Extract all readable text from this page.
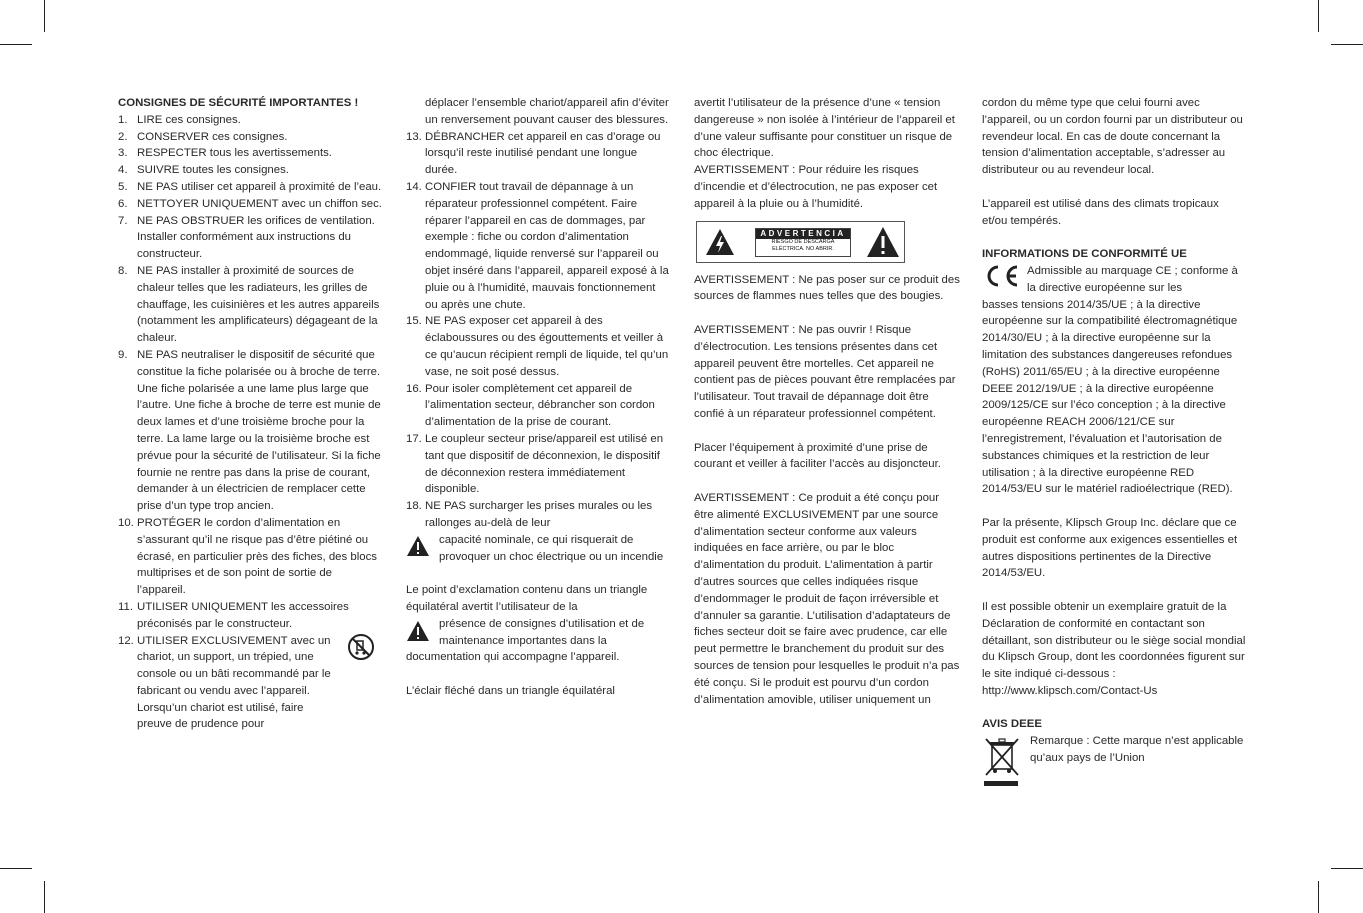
CONSIGNES DE SÉCURITÉ IMPORTANTES !

1. LIRE ces consignes.
2. CONSERVER ces consignes.
3. RESPECTER tous les avertissements.
4. SUIVRE toutes les consignes.
5. NE PAS utiliser cet appareil à proximité de l’eau.
6. NETTOYER UNIQUEMENT avec un chiffon sec.
7. NE PAS OBSTRUER les orifices de ventilation. Installer conformément aux instructions du constructeur.
8. NE PAS installer à proximité de sources de chaleur telles que les radiateurs, les grilles de chauffage, les cuisinières et les autres appareils (notamment les amplificateurs) dégageant de la chaleur.
9. NE PAS neutraliser le dispositif de sécurité que constitue la fiche polarisée ou à broche de terre. Une fiche polarisée a une lame plus large que l’autre. Une fiche à broche de terre est munie de deux lames et d’une troisième broche pour la terre. La lame large ou la troisième broche est prévue pour la sécurité de l’utilisateur. Si la fiche fournie ne rentre pas dans la prise de courant, demander à un électricien de remplacer cette prise d’un type trop ancien.
10. PROTÉGER le cordon d’alimentation en s’assurant qu’il ne risque pas d’être piétiné ou écrasé, en particulier près des fiches, des blocs multiprises et de son point de sortie de l’appareil.
11. UTILISER UNIQUEMENT les accessoires préconisés par le constructeur.
12. UTILISER EXCLUSIVEMENT avec un chariot, un support, un trépied, une console ou un bâti recommandé par le fabricant ou vendu avec l’appareil. Lorsqu’un chariot est utilisé, faire preuve de prudence pour

déplacer l’ensemble chariot/appareil afin d’éviter un renversement pouvant causer des blessures.

13. DÉBRANCHER cet appareil en cas d’orage ou lorsqu’il reste inutilisé pendant une longue durée.
14. CONFIER tout travail de dépannage à un réparateur professionnel compétent. Faire réparer l’appareil en cas de dommages, par exemple : fiche ou cordon d’alimentation endommagé, liquide renversé sur l’appareil ou objet inséré dans l’appareil, appareil exposé à la pluie ou à l’humidité, mauvais fonctionnement ou après une chute.
15. NE PAS exposer cet appareil à des éclaboussures ou des égouttements et veiller à ce qu’aucun récipient rempli de liquide, tel qu’un vase, ne soit posé dessus.
16. Pour isoler complètement cet appareil de l’alimentation secteur, débrancher son cordon d’alimentation de la prise de courant.
17. Le coupleur secteur prise/appareil est utilisé en tant que dispositif de déconnexion, le dispositif de déconnexion restera immédiatement disponible.
18. NE PAS surcharger les prises murales ou les rallonges au-delà de leur

capacité nominale, ce qui risquerait de provoquer un choc électrique ou un incendie

Le point d’exclamation contenu dans un triangle équilatéral avertit l’utilisateur de la

présence de consignes d’utilisation et de maintenance importantes dans la

documentation qui accompagne l’appareil.

L’éclair fléché dans un triangle équilatéral

avertit l’utilisateur de la présence d’une « tension dangereuse » non isolée à l’intérieur de l’appareil et d’une valeur suffisante pour constituer un risque de choc électrique.

AVERTISSEMENT : Pour réduire les risques d’incendie et d’électrocution, ne pas exposer cet appareil à la pluie ou à l’humidité.

ADVERTENCIA
RIESGO DE DESCARGA
ELÉCTRICA. NO ABRIR.

AVERTISSEMENT : Ne pas poser sur ce produit des sources de flammes nues telles que des bougies.

AVERTISSEMENT : Ne pas ouvrir ! Risque d’électrocution. Les tensions présentes dans cet appareil peuvent être mortelles. Cet appareil ne contient pas de pièces pouvant être remplacées par l’utilisateur. Tout travail de dépannage doit être confié à un réparateur professionnel compétent.

Placer l’équipement à proximité d’une prise de courant et veiller à faciliter l’accès au disjoncteur.

AVERTISSEMENT : Ce produit a été conçu pour être alimenté EXCLUSIVEMENT par une source d’alimentation secteur conforme aux valeurs indiquées en face arrière, ou par le bloc d’alimentation du produit. L’alimentation à partir d’autres sources que celles indiquées risque d’endommager le produit de façon irréversible et d’annuler sa garantie. L’utilisation d’adaptateurs de fiches secteur doit se faire avec prudence, car elle peut permettre le branchement du produit sur des sources de tension pour lesquelles le produit n’a pas été conçu. Si le produit est pourvu d’un cordon d’alimentation amovible, utiliser uniquement un

cordon du même type que celui fourni avec l’appareil, ou un cordon fourni par un distributeur ou revendeur local. En cas de doute concernant la tension d’alimentation acceptable, s’adresser au distributeur ou au revendeur local.

L’appareil est utilisé dans des climats tropicaux et/ou tempérés.

INFORMATIONS DE CONFORMITÉ UE

Admissible au marquage CE ; conforme à la directive européenne sur les

basses tensions 2014/35/UE ; à la directive européenne sur la compatibilité électromagnétique 2014/30/EU ; à la directive européenne sur la limitation des substances dangereuses refondues (RoHS) 2011/65/EU ; à la directive européenne DEEE 2012/19/UE ; à la directive européenne 2009/125/CE sur l’éco conception ; à la directive européenne REACH 2006/121/CE sur l’enregistrement, l’évaluation et l’autorisation de substances chimiques et la restriction de leur utilisation ; à la directive européenne RED 2014/53/EU sur le matériel radioélectrique (RED).

Par la présente, Klipsch Group Inc. déclare que ce produit est conforme aux exigences essentielles et autres dispositions pertinentes de la Directive 2014/53/EU.

Il est possible obtenir un exemplaire gratuit de la Déclaration de conformité en contactant son détaillant, son distributeur ou le siège social mondial du Klipsch Group, dont les coordonnées figurent sur le site indiqué ci-dessous : http://www.klipsch.com/Contact-Us

AVIS DEEE

Remarque : Cette marque n’est applicable qu’aux pays de l’Union
